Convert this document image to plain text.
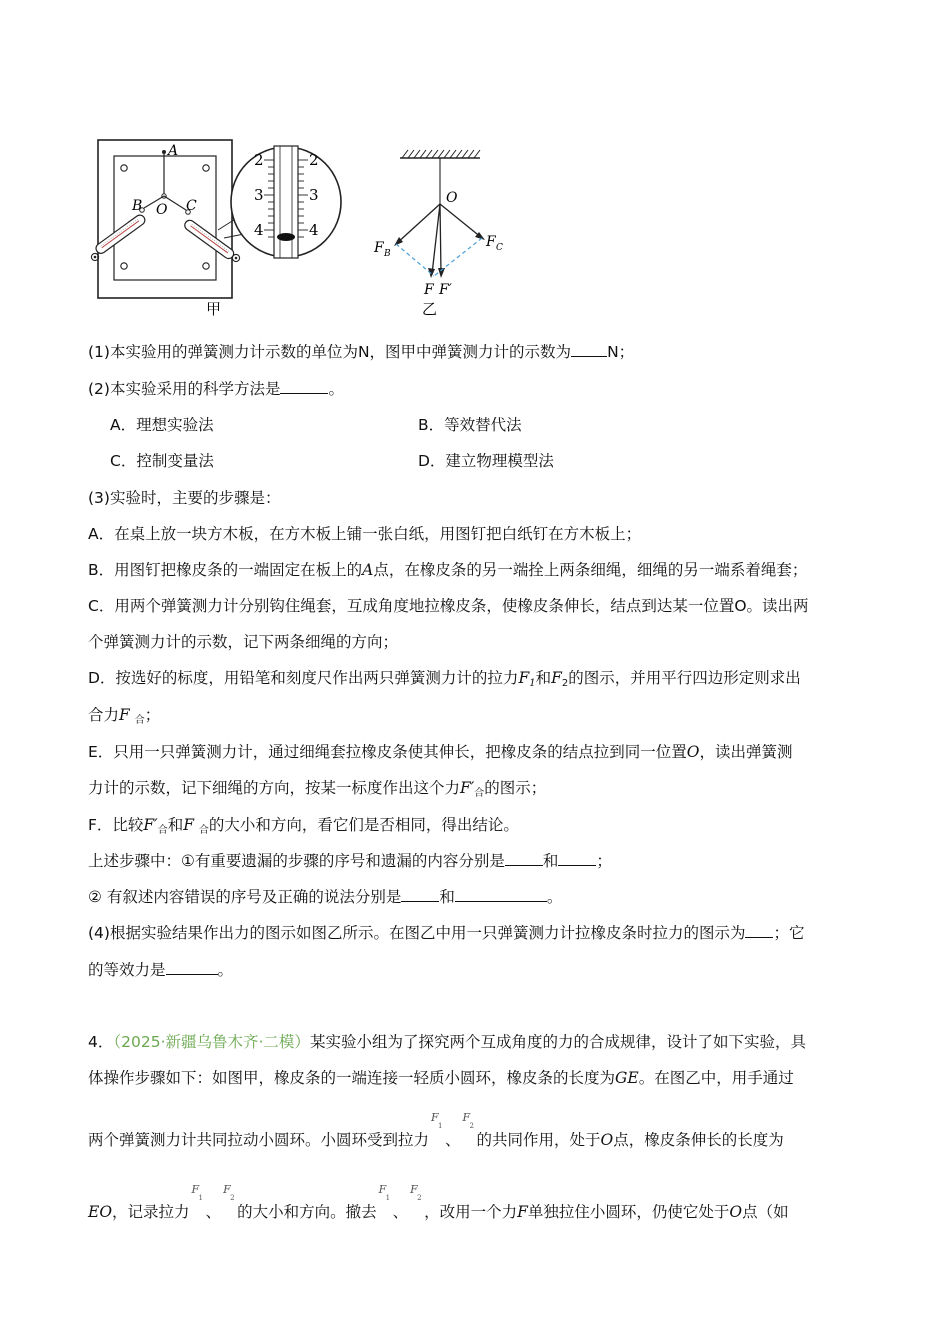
2	2
3	3
4	4
A
B O C
甲
O
F B
F C
F F′
乙
(1)本实验用的弹簧测力计示数的单位为N，图甲中弹簧测力计的示数为 N；
(2)本实验采用的科学方法是	。
A．理想实验法	B．等效替代法
C．控制变量法	D．建立物理模型法
(3)实验时，主要的步骤是：
A．在桌上放一块方木板，在方木板上铺一张白纸，用图钉把白纸钉在方木板上；
B．用图钉把橡皮条的一端固定在板上的A点，在橡皮条的另一端拴上两条细绳，细绳的另一端系着绳套；
C．用两个弹簧测力计分别钩住绳套，互成角度地拉橡皮条，使橡皮条伸长，结点到达某一位置O。读出两
个弹簧测力计的示数，记下两条细绳的方向；
D．按选好的标度，用铅笔和刻度尺作出两只弹簧测力计的拉力$F_1$和$F_2$的图示，并用平行四边形定则求出
合力F $_合$；
E．只用一只弹簧测力计，通过细绳套拉橡皮条使其伸长，把橡皮条的结点拉到同一位置O，读出弹簧测
力计的示数，记下细绳的方向，按某一标度作出这个力$F'_合$的图示；
F．比较$F'_合$和F $_合$的大小和方向，看它们是否相同，得出结论。
上述步骤中：①有重要遗漏的步骤的序号和遗漏的内容分别是 和 ；
② 有叙述内容错误的序号及正确的说法分别是 和	。
(4)根据实验结果作出力的图示如图乙所示。在图乙中用一只弹簧测力计拉橡皮条时拉力的图示为 ；它
的等效力是	。
4．（2025·新疆乌鲁木齐·二模）某实验小组为了探究两个互成角度的力的合成规律，设计了如下实验，具
体操作步骤如下：如图甲，橡皮条的一端连接一轻质小圆环，橡皮条的长度为GE。在图乙中，用手通过
两个弹簧测力计共同拉动小圆环。小圆环受到拉力
F
1
、
F
2
的共同作用，处于O点，橡皮条伸长的长度为
EO，记录拉力
F
1
、
F
2
的大小和方向。撤去
F
1
、
F
2
，改用一个力F单独拉住小圆环，仍使它处于O点（如
